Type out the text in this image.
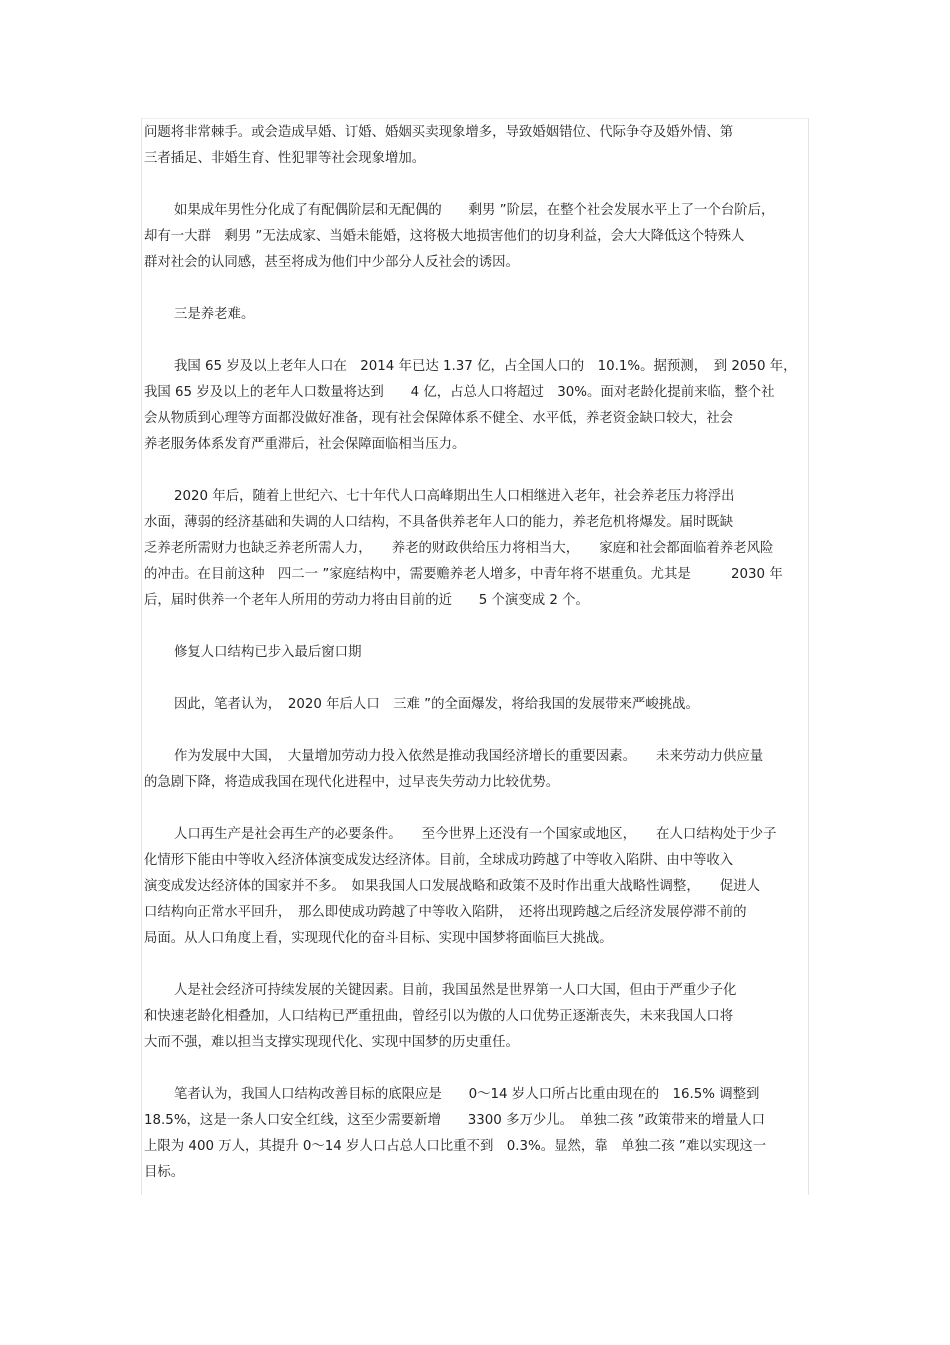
问题将非常棘手。或会造成早婚、订婚、婚姻买卖现象增多，导致婚姻错位、代际争夺及婚外情、第
三者插足、非婚生育、性犯罪等社会现象增加。

如果成年男性分化成了有配偶阶层和无配偶的　　剩男 ”阶层，在整个社会发展水平上了一个台阶后，
却有一大群　剩男 ”无法成家、当婚未能婚，这将极大地损害他们的切身利益，会大大降低这个特殊人
群对社会的认同感，甚至将成为他们中少部分人反社会的诱因。

三是养老难。

我国 65 岁及以上老年人口在　2014 年已达 1.37 亿，占全国人口的　10.1%。据预测，　到 2050 年，
我国 65 岁及以上的老年人口数量将达到　　4 亿，占总人口将超过　30%。面对老龄化提前来临，整个社
会从物质到心理等方面都没做好准备，现有社会保障体系不健全、水平低，养老资金缺口较大，社会
养老服务体系发育严重滞后，社会保障面临相当压力。

2020 年后，随着上世纪六、七十年代人口高峰期出生人口相继进入老年，社会养老压力将浮出
水面，薄弱的经济基础和失调的人口结构，不具备供养老年人口的能力，养老危机将爆发。届时既缺
乏养老所需财力也缺乏养老所需人力，　　养老的财政供给压力将相当大，　　家庭和社会都面临着养老风险
的冲击。在目前这种　四二一 ”家庭结构中，需要赡养老人增多，中青年将不堪重负。尤其是　　　2030 年
后，届时供养一个老年人所用的劳动力将由目前的近　　5 个演变成 2 个。

修复人口结构已步入最后窗口期

因此，笔者认为，　2020 年后人口　三难 ”的全面爆发，将给我国的发展带来严峻挑战。

作为发展中大国，　大量增加劳动力投入依然是推动我国经济增长的重要因素。　　未来劳动力供应量
的急剧下降，将造成我国在现代化进程中，过早丧失劳动力比较优势。

人口再生产是社会再生产的必要条件。　　至今世界上还没有一个国家或地区，　　在人口结构处于少子
化情形下能由中等收入经济体演变成发达经济体。目前，全球成功跨越了中等收入陷阱、由中等收入
演变成发达经济体的国家并不多。　如果我国人口发展战略和政策不及时作出重大战略性调整，　　促进人
口结构向正常水平回升，　那么即使成功跨越了中等收入陷阱，　还将出现跨越之后经济发展停滞不前的
局面。从人口角度上看，实现现代化的奋斗目标、实现中国梦将面临巨大挑战。

人是社会经济可持续发展的关键因素。目前，我国虽然是世界第一人口大国，但由于严重少子化
和快速老龄化相叠加，人口结构已严重扭曲，曾经引以为傲的人口优势正逐渐丧失，未来我国人口将
大而不强，难以担当支撑实现现代化、实现中国梦的历史重任。

笔者认为，我国人口结构改善目标的底限应是　　0～14 岁人口所占比重由现在的　16.5% 调整到
18.5%，这是一条人口安全红线，这至少需要新增　　3300 多万少儿。　单独二孩 ”政策带来的增量人口
上限为 400 万人，其提升 0～14 岁人口占总人口比重不到　0.3%。显然，靠　单独二孩 ”难以实现这一
目标。
